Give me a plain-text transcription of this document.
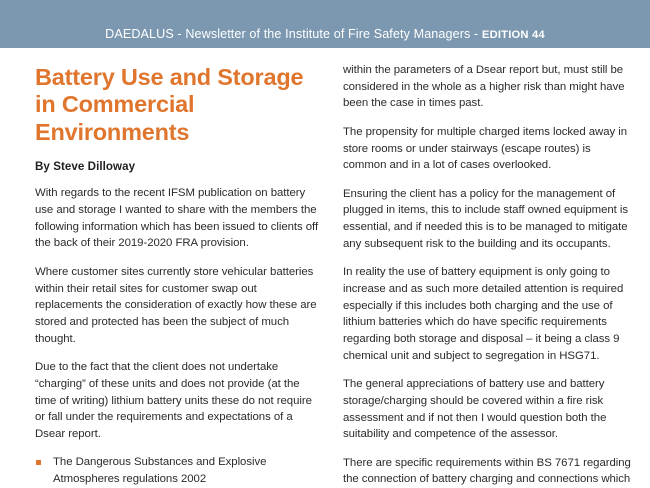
DAEDALUS - Newsletter of the Institute of Fire Safety Managers - EDITION 44
Battery Use and Storage in Commercial Environments

By Steve Dilloway

With regards to the recent IFSM publication on battery use and storage I wanted to share with the members the following information which has been issued to clients off the back of their 2019-2020 FRA provision.

Where customer sites currently store vehicular batteries within their retail sites for customer swap out replacements the consideration of exactly how these are stored and protected has been the subject of much thought.

Due to the fact that the client does not undertake “charging” of these units and does not provide (at the time of writing) lithium battery units these do not require or fall under the requirements and expectations of a Dsear report.

The Dangerous Substances and Explosive Atmospheres regulations 2002

within the parameters of a Dsear report but, must still be considered in the whole as a higher risk than might have been the case in times past.

The propensity for multiple charged items locked away in store rooms or under stairways (escape routes) is common and in a lot of cases overlooked.

Ensuring the client has a policy for the management of plugged in items, this to include staff owned equipment is essential, and if needed this is to be managed to mitigate any subsequent risk to the building and its occupants.

In reality the use of battery equipment is only going to increase and as such more detailed attention is required especially if this includes both charging and the use of lithium batteries which do have specific requirements regarding both storage and disposal – it being a class 9 chemical unit and subject to segregation in HSG71.

The general appreciations of battery use and battery storage/charging should be covered within a fire risk assessment and if not then I would question both the suitability and competence of the assessor.

There are specific requirements within BS 7671 regarding the connection of battery charging and connections which
